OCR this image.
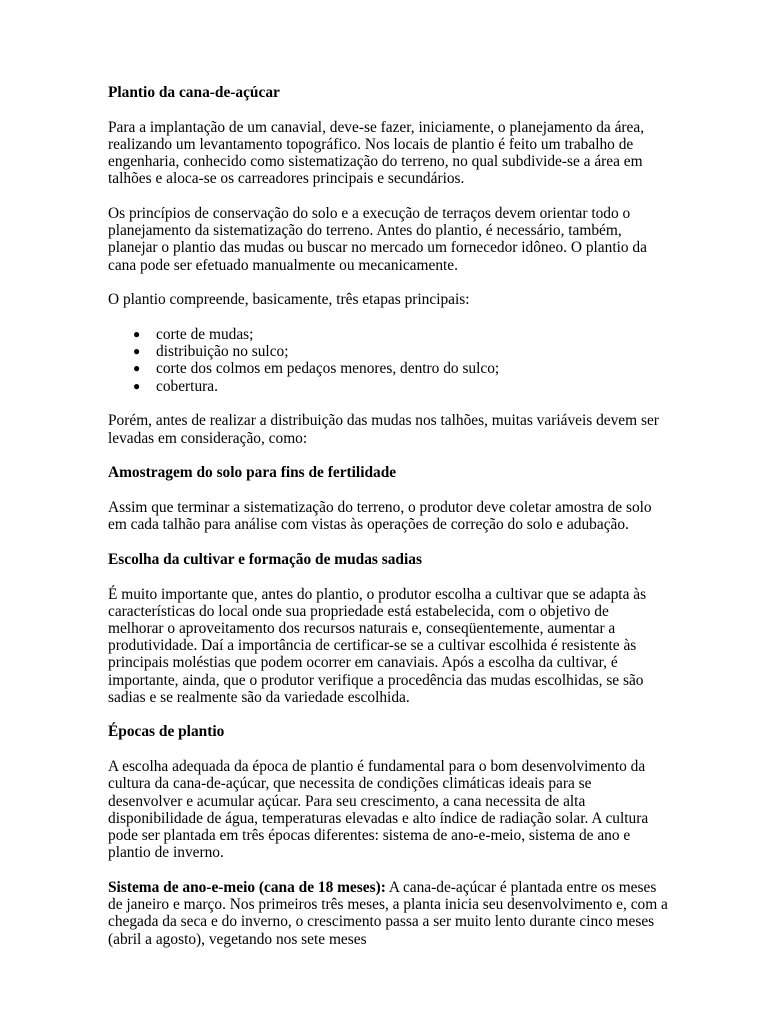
Plantio da cana-de-açúcar

Para a implantação de um canavial, deve-se fazer, iniciamente, o planejamento da área, realizando um levantamento topográfico. Nos locais de plantio é feito um trabalho de engenharia, conhecido como sistematização do terreno, no qual subdivide-se a área em talhões e aloca-se os carreadores principais e secundários.

Os princípios de conservação do solo e a execução de terraços devem orientar todo o planejamento da sistematização do terreno. Antes do plantio, é necessário, também, planejar o plantio das mudas ou buscar no mercado um fornecedor idôneo. O plantio da cana pode ser efetuado manualmente ou mecanicamente.

O plantio compreende, basicamente, três etapas principais:

● corte de mudas;
● distribuição no sulco;
● corte dos colmos em pedaços menores, dentro do sulco;
● cobertura.

Porém, antes de realizar a distribuição das mudas nos talhões, muitas variáveis devem ser levadas em consideração, como:

Amostragem do solo para fins de fertilidade

Assim que terminar a sistematização do terreno, o produtor deve coletar amostra de solo em cada talhão para análise com vistas às operações de correção do solo e adubação.

Escolha da cultivar e formação de mudas sadias

É muito importante que, antes do plantio, o produtor escolha a cultivar que se adapta às características do local onde sua propriedade está estabelecida, com o objetivo de melhorar o aproveitamento dos recursos naturais e, conseqüentemente, aumentar a produtividade. Daí a importância de certificar-se se a cultivar escolhida é resistente às principais moléstias que podem ocorrer em canaviais. Após a escolha da cultivar, é importante, ainda, que o produtor verifique a procedência das mudas escolhidas, se são sadias e se realmente são da variedade escolhida.

Épocas de plantio

A escolha adequada da época de plantio é fundamental para o bom desenvolvimento da cultura da cana-de-açúcar, que necessita de condições climáticas ideais para se desenvolver e acumular açúcar. Para seu crescimento, a cana necessita de alta disponibilidade de água, temperaturas elevadas e alto índice de radiação solar. A cultura pode ser plantada em três épocas diferentes: sistema de ano-e-meio, sistema de ano e plantio de inverno.

Sistema de ano-e-meio (cana de 18 meses): A cana-de-açúcar é plantada entre os meses de janeiro e março. Nos primeiros três meses, a planta inicia seu desenvolvimento e, com a chegada da seca e do inverno, o crescimento passa a ser muito lento durante cinco meses (abril a agosto), vegetando nos sete meses
